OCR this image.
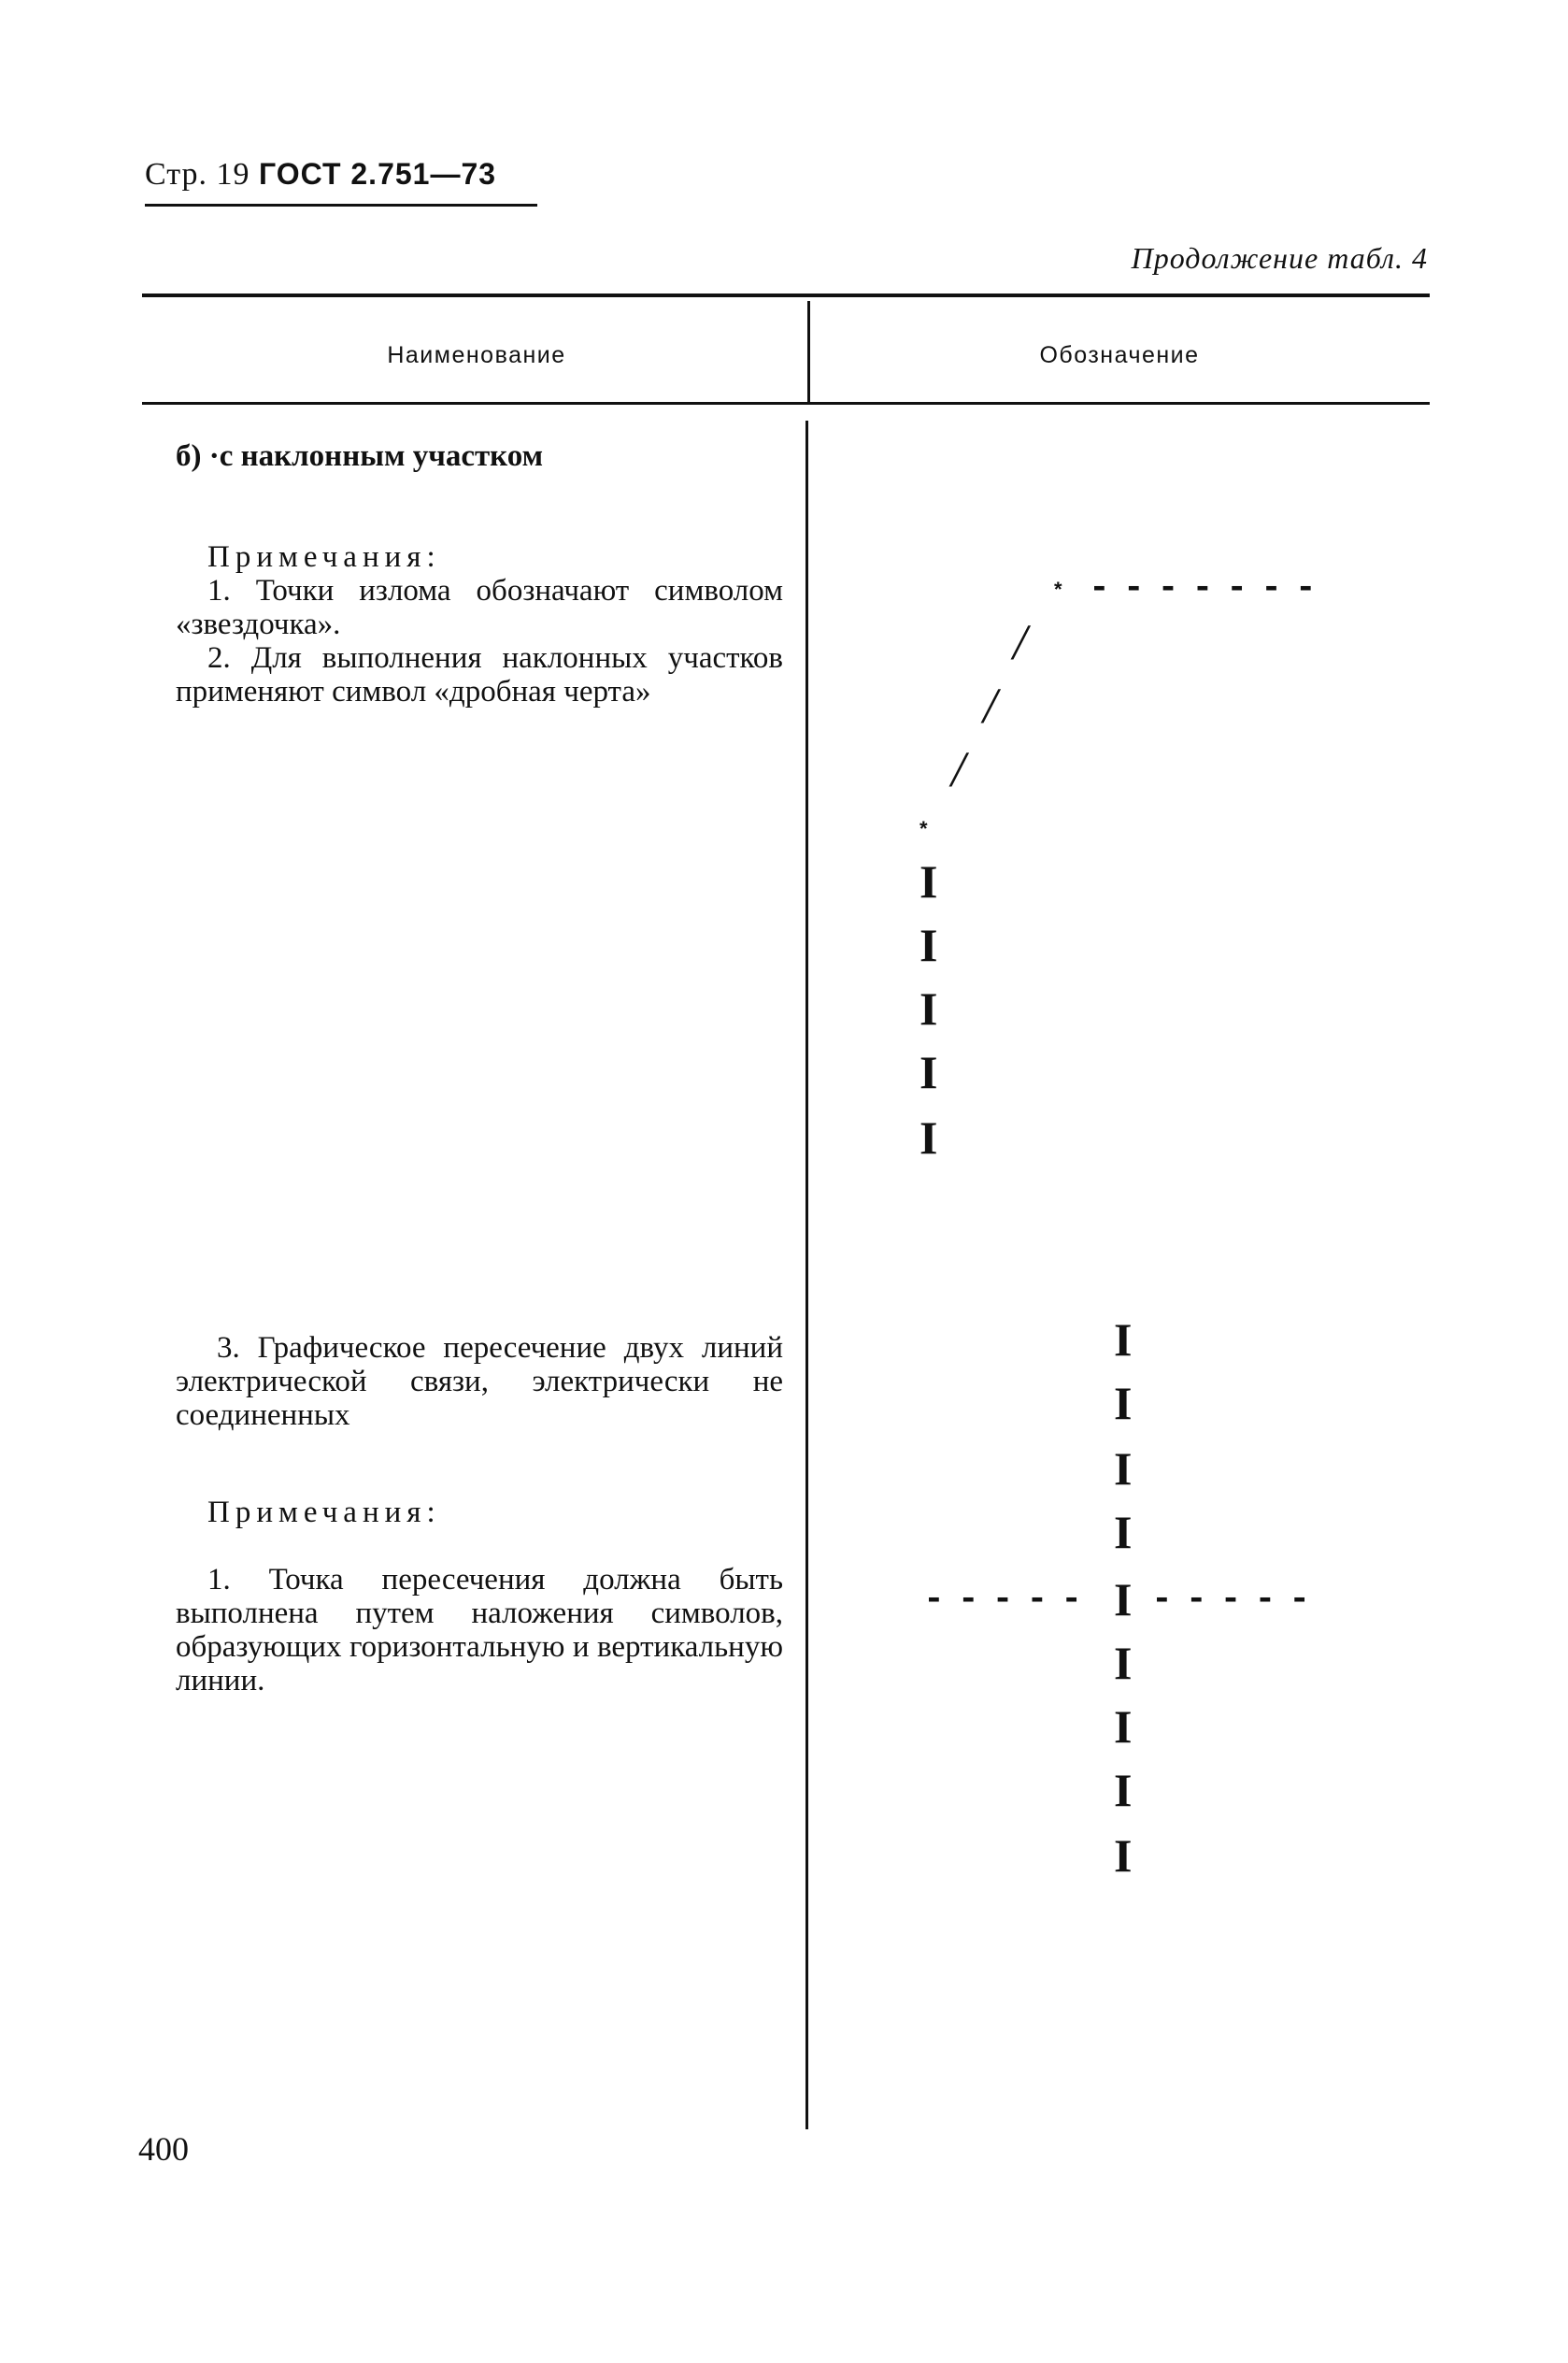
Стр. 19 ГОСТ 2.751—73
Продолжение табл. 4
Наименование	Обозначение
б) ·с наклонным участком
Примечания:
1. Точки излома обозначают символом «звездочка».
2. Для выполнения наклонных участков применяют символ «дробная черта»
* -------
/
/
/
*
I
I
I
I
I
3. Графическое пересечение двух линий электрической связи, электрически не соединенных
Примечания:
1. Точка пересечения должна быть выполнена путем наложения символов, образующих горизонтальную и вертикальную линии.
I
I
I
I
----- I -----
I
I
I
I
400
